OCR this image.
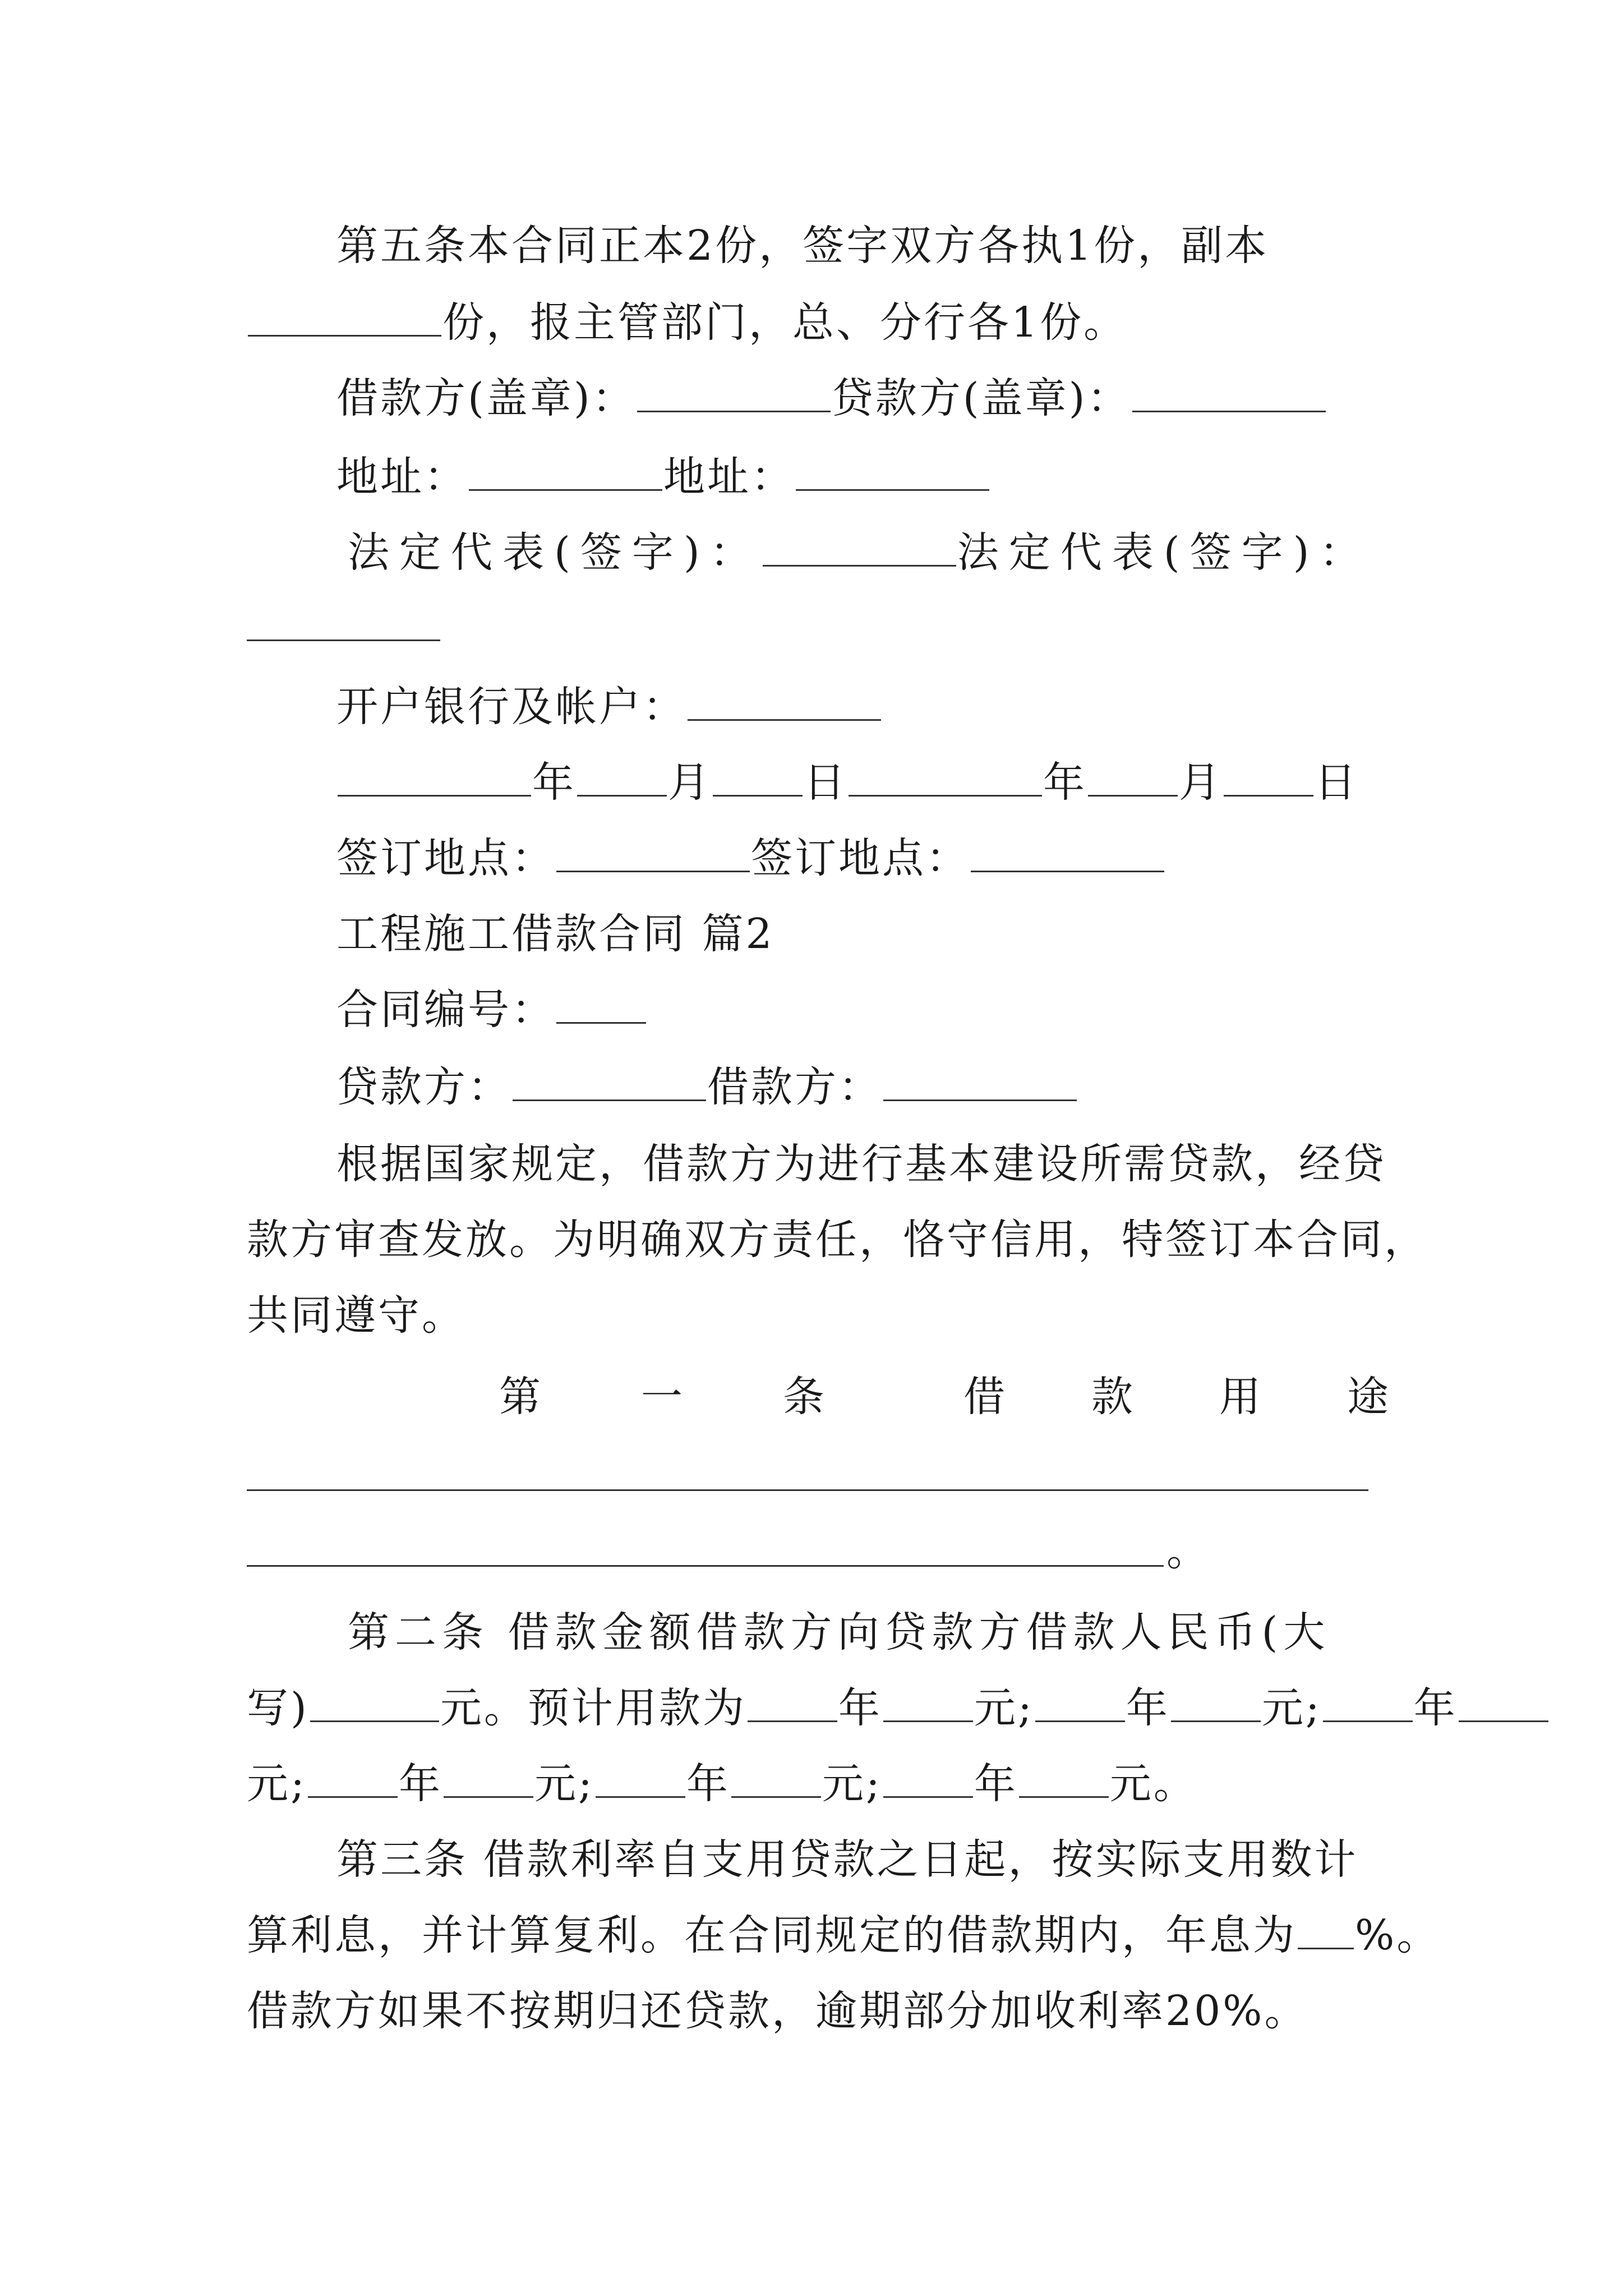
第五条本合同正本2份，签字双方各执1份，副本
份，报主管部门，总、分行各1份。
借款方(盖章)：	贷款方(盖章)：
地址：	地址：
法定代表(签字)：	法定代表(签字)：
开户银行及帐户：
年 月 日	年 月 日
签订地点：	签订地点：
工程施工借款合同 篇2
合同编号：
贷款方：	借款方：
根据国家规定，借款方为进行基本建设所需贷款，经贷
款方审查发放。为明确双方责任，恪守信用，特签订本合同，
共同遵守。
第 一 条	借 款 用 途
。
第二条 借款金额借款方向贷款方借款人民币(大
写)	元。预计用款为 年 元; 年 元; 年
元; 年 元; 年 元; 年 元。
第三条 借款利率自支用贷款之日起，按实际支用数计
算利息，并计算复利。在合同规定的借款期内，年息为 %。
借款方如果不按期归还贷款，逾期部分加收利率20%。
